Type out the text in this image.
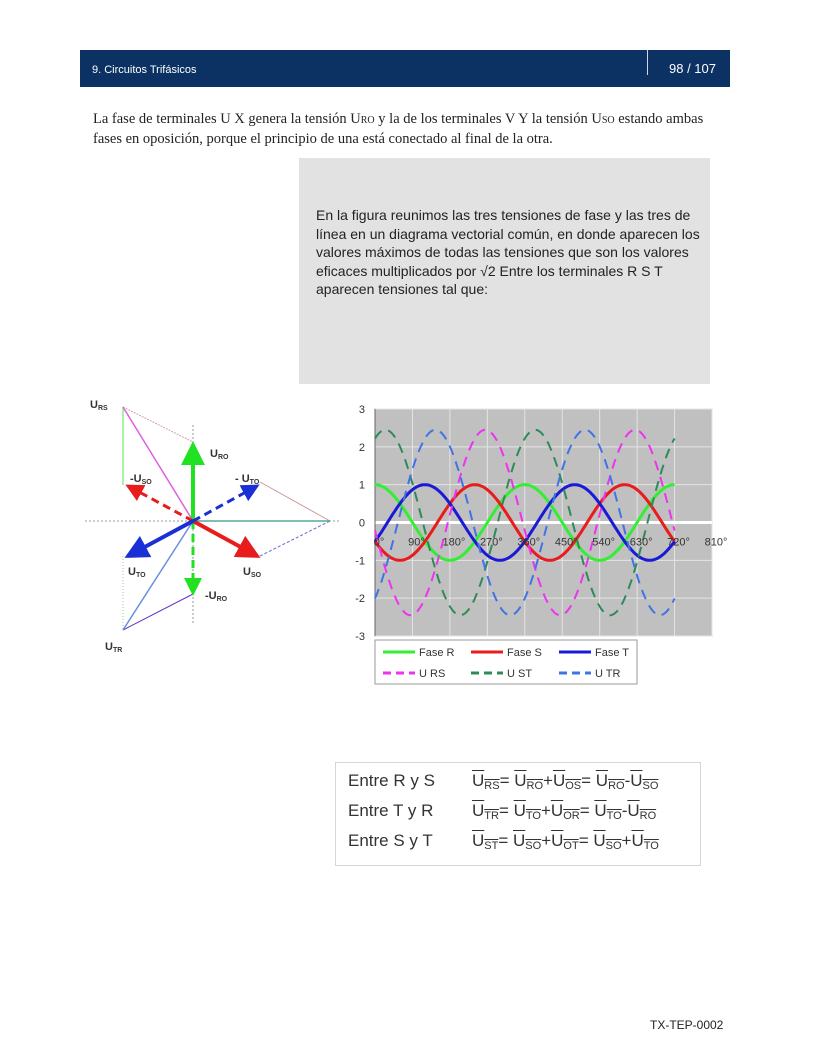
9. Circuitos Trifásicos	98 / 107
La fase de terminales U X genera la tensión URO y la de los terminales V Y la tensión USO estando ambas fases en oposición, porque el principio de una está conectado al final de la otra.

En la figura reunimos las tres tensiones de fase y las tres de línea en un diagrama vectorial común, en donde aparecen los valores máximos de todas las tensiones que son los valores eficaces multiplicados por √2 Entre los terminales R S T aparecen tensiones tal que:

URS
URO
-USO	- UTO
UTO	USO
-URO
UTR
3
2
1
0
-1
-2
-3
0° 90° 180° 270° 360° 450° 540° 630° 720° 810°
Fase R	Fase S	Fase T
U RS	U ST	U TR
Entre R y S $U_{RS}= U_{RO}+U_{OS}= U_{RO}-U_{SO}$
Entre T y R $U_{TR}= U_{TO}+U_{OR}= U_{TO}-U_{RO}$
Entre S y T $U_{ST}= U_{SO}+U_{OT}= U_{SO}+U_{TO}$
TX-TEP-0002
